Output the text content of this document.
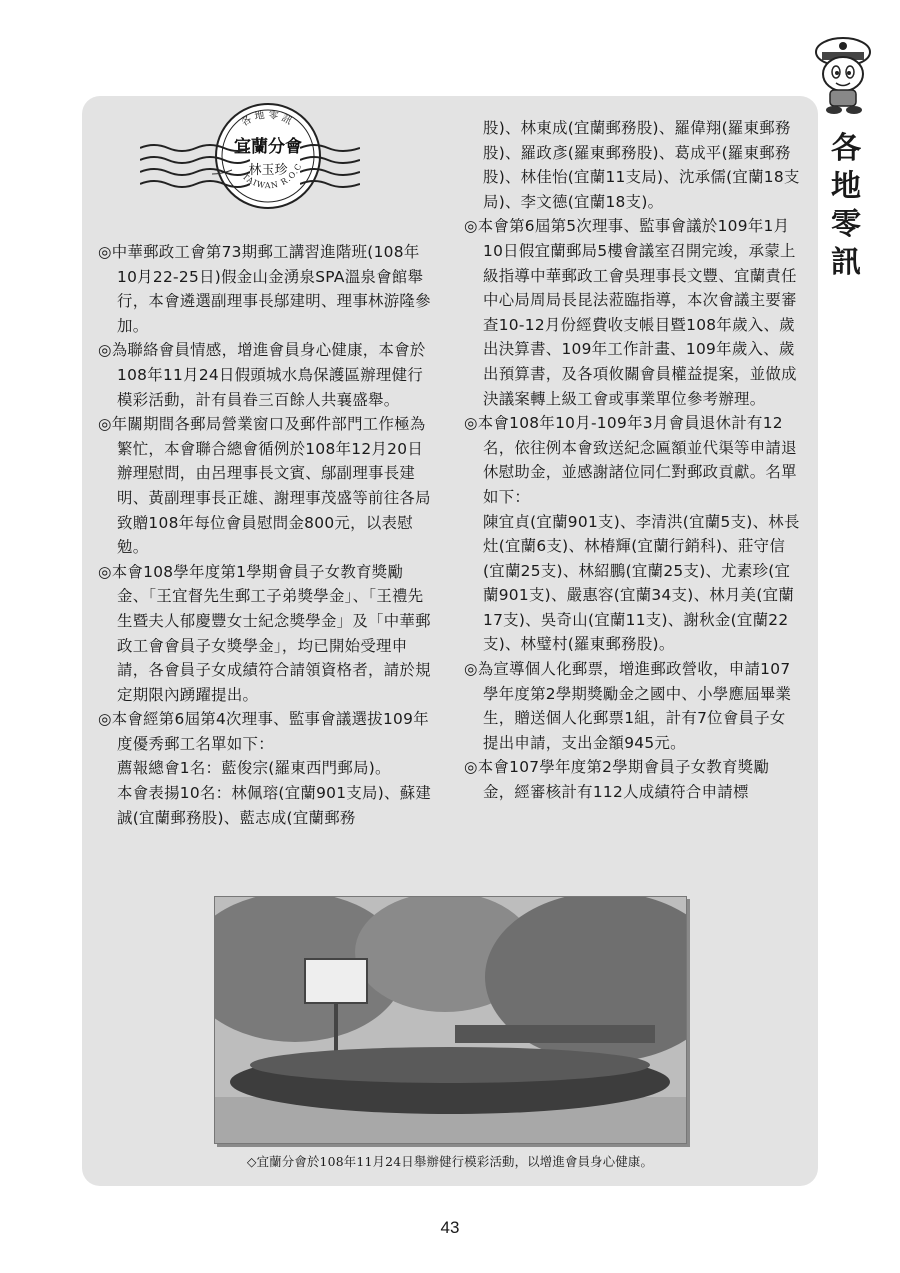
各
地
零
訊
各地零訊
宜蘭分會
林玉珍
TAIWAN R.O.C

◎中華郵政工會第73期郵工講習進階班(108年10月22-25日)假金山金湧泉SPA溫泉會館舉行，本會遴選副理事長鄔建明、理事林游隆參加。

◎為聯絡會員情感，增進會員身心健康，本會於108年11月24日假頭城水鳥保護區辦理健行模彩活動，計有員眷三百餘人共襄盛舉。

◎年關期間各郵局營業窗口及郵件部門工作極為繁忙，本會聯合總會循例於108年12月20日辦理慰問，由呂理事長文賓、鄔副理事長建明、黃副理事長正雄、謝理事茂盛等前往各局致贈108年每位會員慰問金800元，以表慰勉。

◎本會108學年度第1學期會員子女教育獎勵金、「王宜督先生郵工子弟獎學金」、「王禮先生暨夫人郁慶豐女士紀念獎學金」及「中華郵政工會會員子女獎學金」，均已開始受理申請，各會員子女成績符合請領資格者，請於規定期限內踴躍提出。

◎本會經第6屆第4次理事、監事會議選拔109年度優秀郵工名單如下：

薦報總會1名：藍俊宗(羅東西門郵局)。

本會表揚10名：林佩瑢(宜蘭901支局)、蘇建誠(宜蘭郵務股)、藍志成(宜蘭郵務

股)、林東成(宜蘭郵務股)、羅偉翔(羅東郵務股)、羅政彥(羅東郵務股)、葛成平(羅東郵務股)、林佳怡(宜蘭11支局)、沈承儒(宜蘭18支局)、李文德(宜蘭18支)。

◎本會第6屆第5次理事、監事會議於109年1月10日假宜蘭郵局5樓會議室召開完竣，承蒙上級指導中華郵政工會吳理事長文豐、宜蘭責任中心局周局長昆法蒞臨指導，本次會議主要審查10-12月份經費收支帳目暨108年歲入、歲出決算書、109年工作計畫、109年歲入、歲出預算書，及各項攸關會員權益提案，並做成決議案轉上級工會或事業單位參考辦理。

◎本會108年10月-109年3月會員退休計有12名，依往例本會致送紀念匾額並代渠等申請退休慰助金，並感謝諸位同仁對郵政貢獻。名單如下：

陳宜貞(宜蘭901支)、李清洪(宜蘭5支)、林長灶(宜蘭6支)、林椿輝(宜蘭行銷科)、莊守信(宜蘭25支)、林紹鵬(宜蘭25支)、尤素珍(宜蘭901支)、嚴惠容(宜蘭34支)、林月美(宜蘭17支)、吳奇山(宜蘭11支)、謝秋金(宜蘭22支)、林璧村(羅東郵務股)。

◎為宣導個人化郵票，增進郵政營收，申請107學年度第2學期獎勵金之國中、小學應屆畢業生，贈送個人化郵票1組，計有7位會員子女提出申請，支出金額945元。

◎本會107學年度第2學期會員子女教育獎勵金，經審核計有112人成績符合申請標

◇宜蘭分會於108年11月24日舉辦健行模彩活動，以增進會員身心健康。
43
